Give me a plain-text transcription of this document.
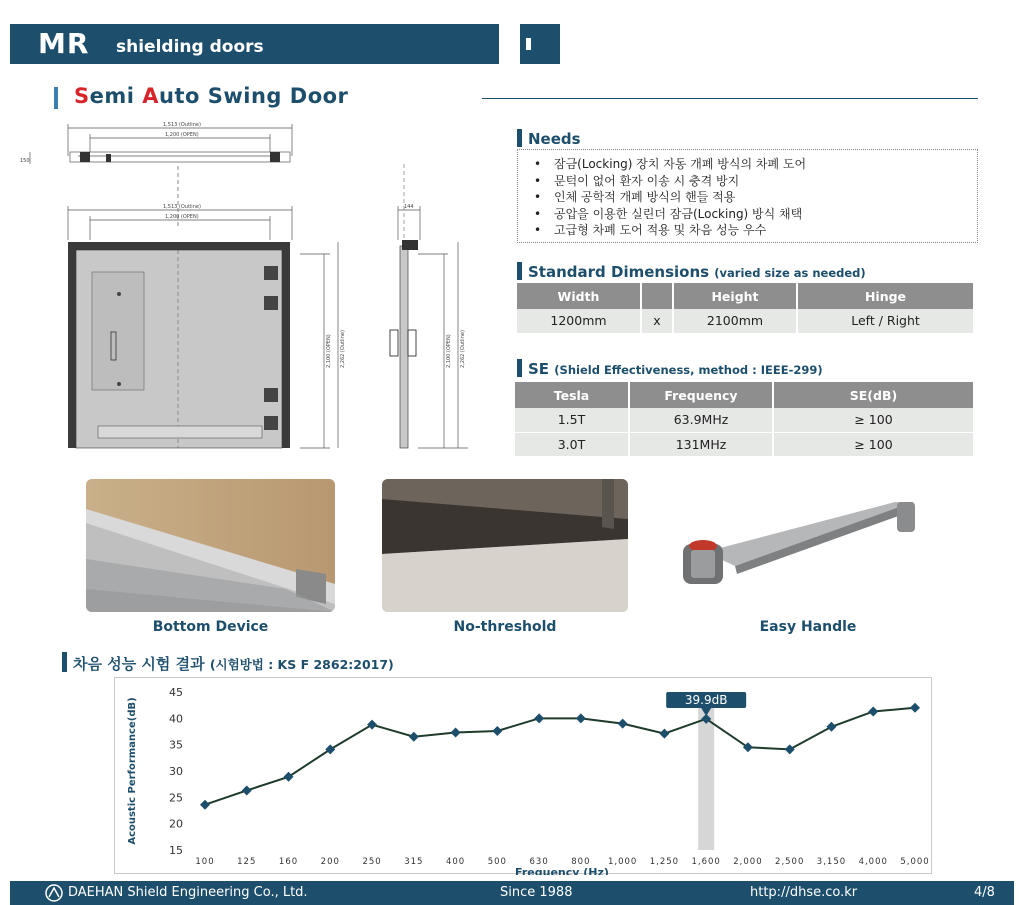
MR shielding doors
Semi Auto Swing Door
1,513 (Outline)
1,200 (OPEN)
150
1,513 (Outline)
1,200 (OPEN)
2,100 (OPEN) 2,262 (Outline)
144
2,100 (OPEN) 2,262 (Outline)
Needs
• 잠금(Locking) 장치 자동 개폐 방식의 차폐 도어
• 문턱이 없어 환자 이송 시 충격 방지
• 인체 공학적 개폐 방식의 핸들 적용
• 공압을 이용한 실린더 잠금(Locking) 방식 채택
• 고급형 차폐 도어 적용 및 차음 성능 우수
Standard Dimensions (varied size as needed)
Width		Height	Hinge
1200mm	x	2100mm	Left / Right
SE (Shield Effectiveness, method : IEEE-299)
Tesla	Frequency	SE(dB)
1.5T	63.9MHz	≥ 100
3.0T	131MHz	≥ 100
Bottom Device	No-threshold	Easy Handle
차음 성능 시험 결과 (시험방법 : KS F 2862:2017)
15
20
25
30
35
40
45
Acoustic Performance(dB)
100	125	160	200	250	315	400	500	630	800 1,000 1,250 1,600 2,000 2,500 3,150 4,000 5,000
Frequency (Hz)
39.9dB
DAEHAN Shield Engineering Co., Ltd.	Since 1988	http://dhse.co.kr	4/8
